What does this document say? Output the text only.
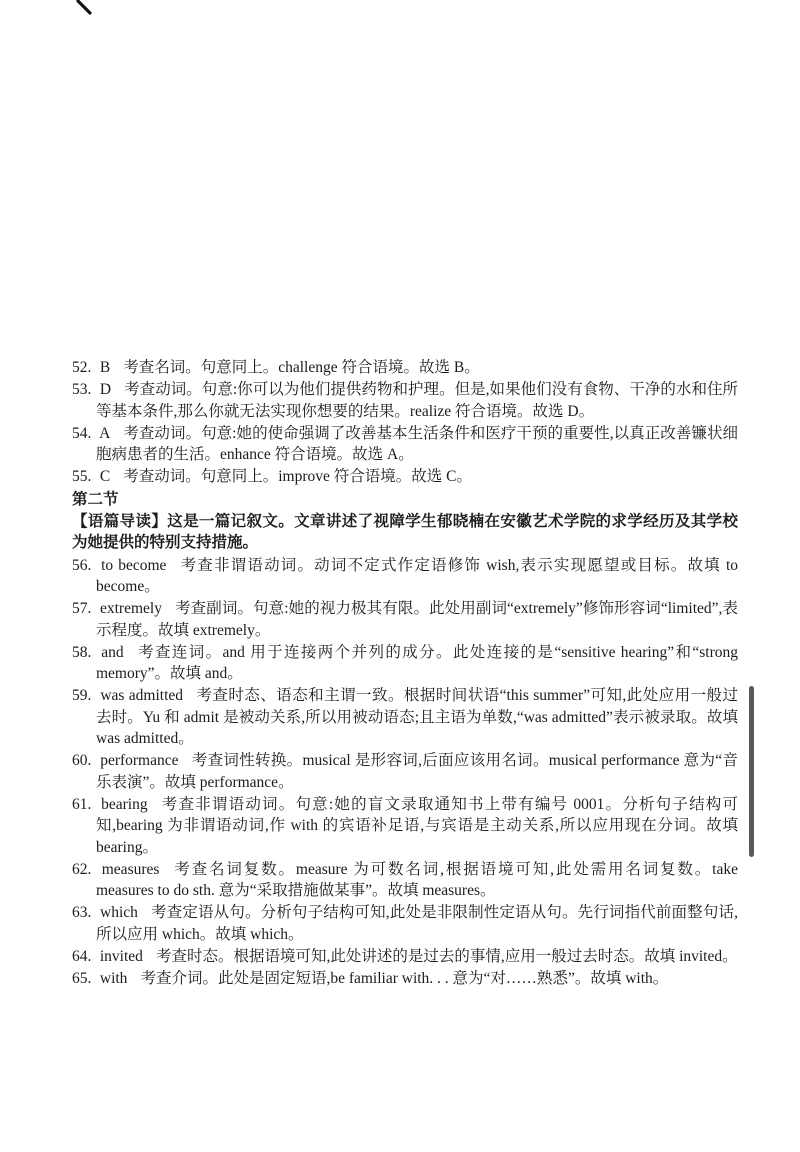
52. B 考查名词。句意同上。challenge 符合语境。故选 B。

53. D 考查动词。句意:你可以为他们提供药物和护理。但是,如果他们没有食物、干净的水和住所等基本条件,那么你就无法实现你想要的结果。realize 符合语境。故选 D。

54. A 考查动词。句意:她的使命强调了改善基本生活条件和医疗干预的重要性,以真正改善镰状细胞病患者的生活。enhance 符合语境。故选 A。

55. C 考查动词。句意同上。improve 符合语境。故选 C。

第二节

【语篇导读】这是一篇记叙文。文章讲述了视障学生郁晓楠在安徽艺术学院的求学经历及其学校为她提供的特别支持措施。

56. to become 考查非谓语动词。动词不定式作定语修饰 wish,表示实现愿望或目标。故填 to become。

57. extremely 考查副词。句意:她的视力极其有限。此处用副词“extremely”修饰形容词“limited”,表示程度。故填 extremely。

58. and 考查连词。and 用于连接两个并列的成分。此处连接的是“sensitive hearing”和“strong memory”。故填 and。

59. was admitted 考查时态、语态和主谓一致。根据时间状语“this summer”可知,此处应用一般过去时。Yu 和 admit 是被动关系,所以用被动语态;且主语为单数,“was admitted”表示被录取。故填 was admitted。

60. performance 考查词性转换。musical 是形容词,后面应该用名词。musical performance 意为“音乐表演”。故填 performance。

61. bearing 考查非谓语动词。句意:她的盲文录取通知书上带有编号 0001。分析句子结构可知,bearing 为非谓语动词,作 with 的宾语补足语,与宾语是主动关系,所以应用现在分词。故填 bearing。

62. measures 考查名词复数。measure 为可数名词,根据语境可知,此处需用名词复数。take measures to do sth. 意为“采取措施做某事”。故填 measures。

63. which 考查定语从句。分析句子结构可知,此处是非限制性定语从句。先行词指代前面整句话,所以应用 which。故填 which。

64. invited 考查时态。根据语境可知,此处讲述的是过去的事情,应用一般过去时态。故填 invited。

65. with 考查介词。此处是固定短语,be familiar with. . . 意为“对……熟悉”。故填 with。
